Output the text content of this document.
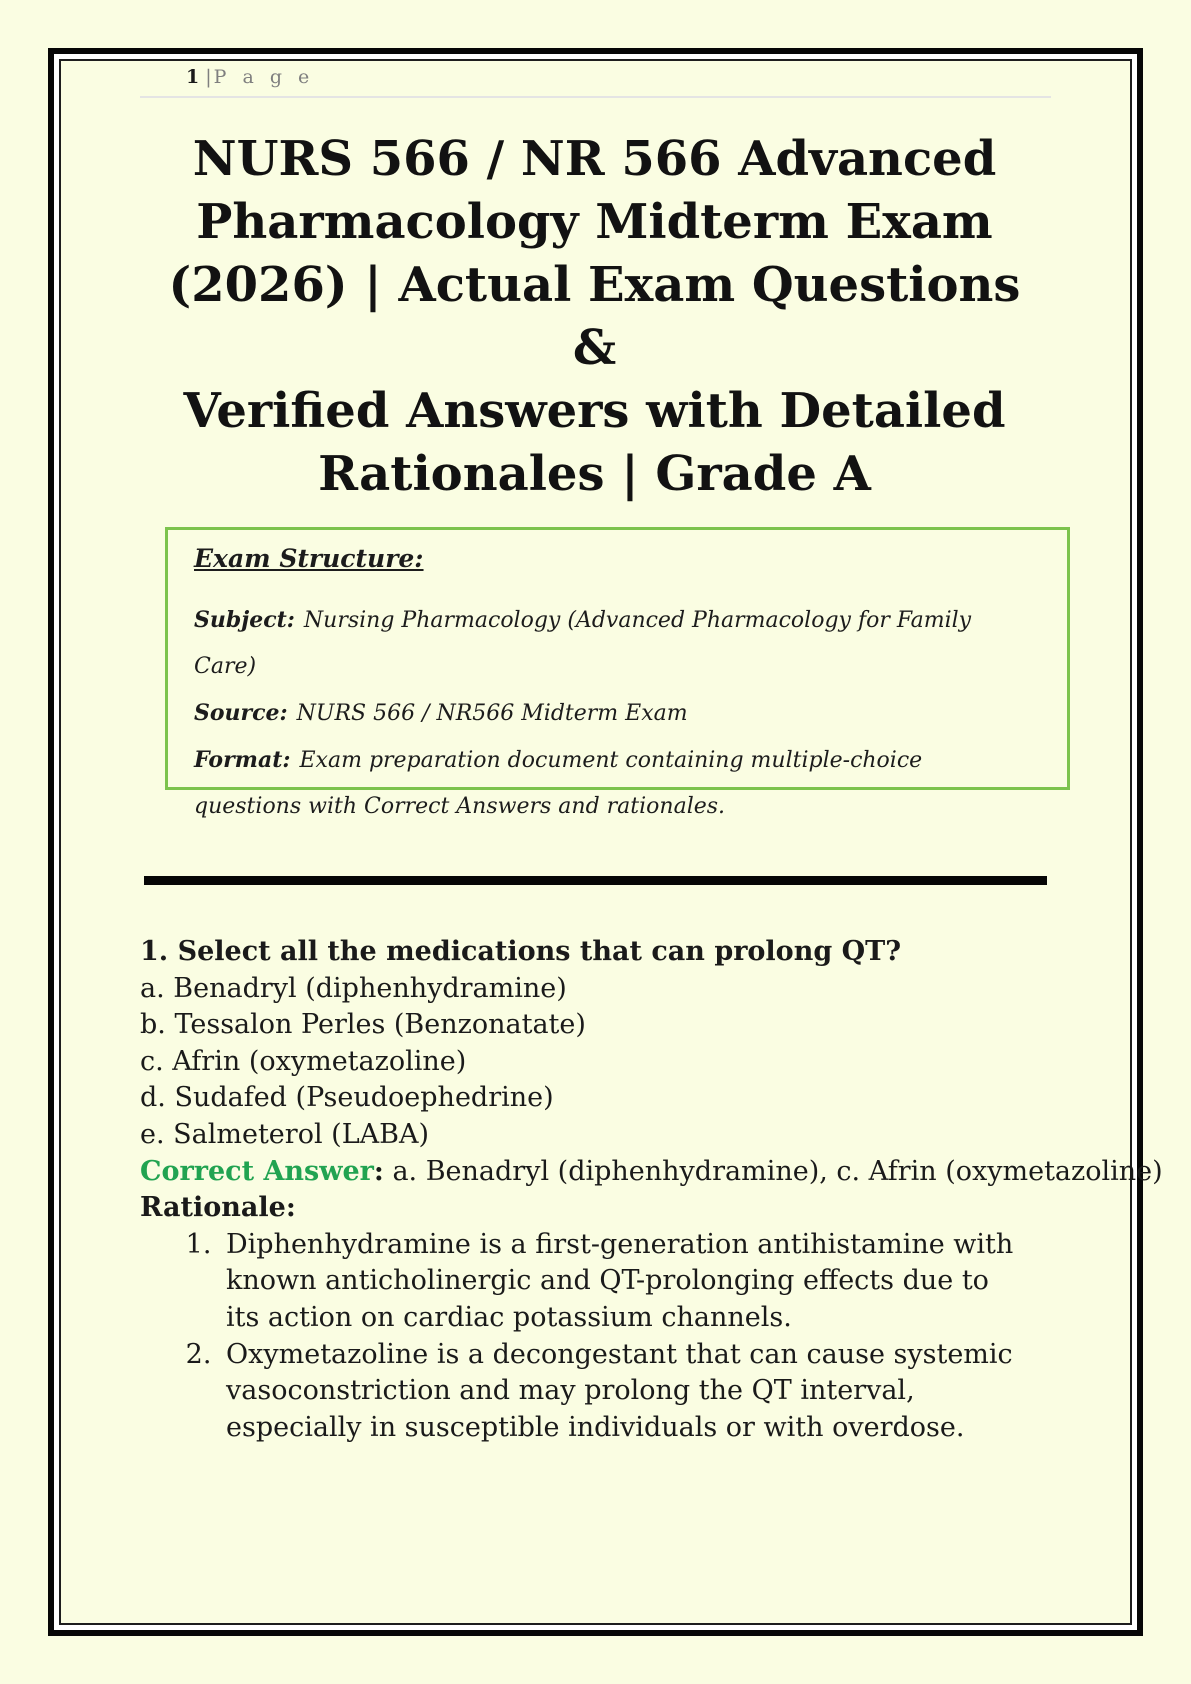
1 | P a g e
NURS 566 / NR 566 Advanced
Pharmacology Midterm Exam
(2026) | Actual Exam Questions &
Verified Answers with Detailed
Rationales | Grade A
Exam Structure:
Subject: Nursing Pharmacology (Advanced Pharmacology for Family Care)
Source: NURS 566 / NR566 Midterm Exam
Format: Exam preparation document containing multiple-choice questions with Correct Answers and rationales.
1. Select all the medications that can prolong QT?
a. Benadryl (diphenhydramine)
b. Tessalon Perles (Benzonatate)
c. Afrin (oxymetazoline)
d. Sudafed (Pseudoephedrine)
e. Salmeterol (LABA)
Correct Answer: a. Benadryl (diphenhydramine), c. Afrin (oxymetazoline)
Rationale:
1. Diphenhydramine is a first-generation antihistamine with known anticholinergic and QT-prolonging effects due to its action on cardiac potassium channels.
2. Oxymetazoline is a decongestant that can cause systemic vasoconstriction and may prolong the QT interval, especially in susceptible individuals or with overdose.
